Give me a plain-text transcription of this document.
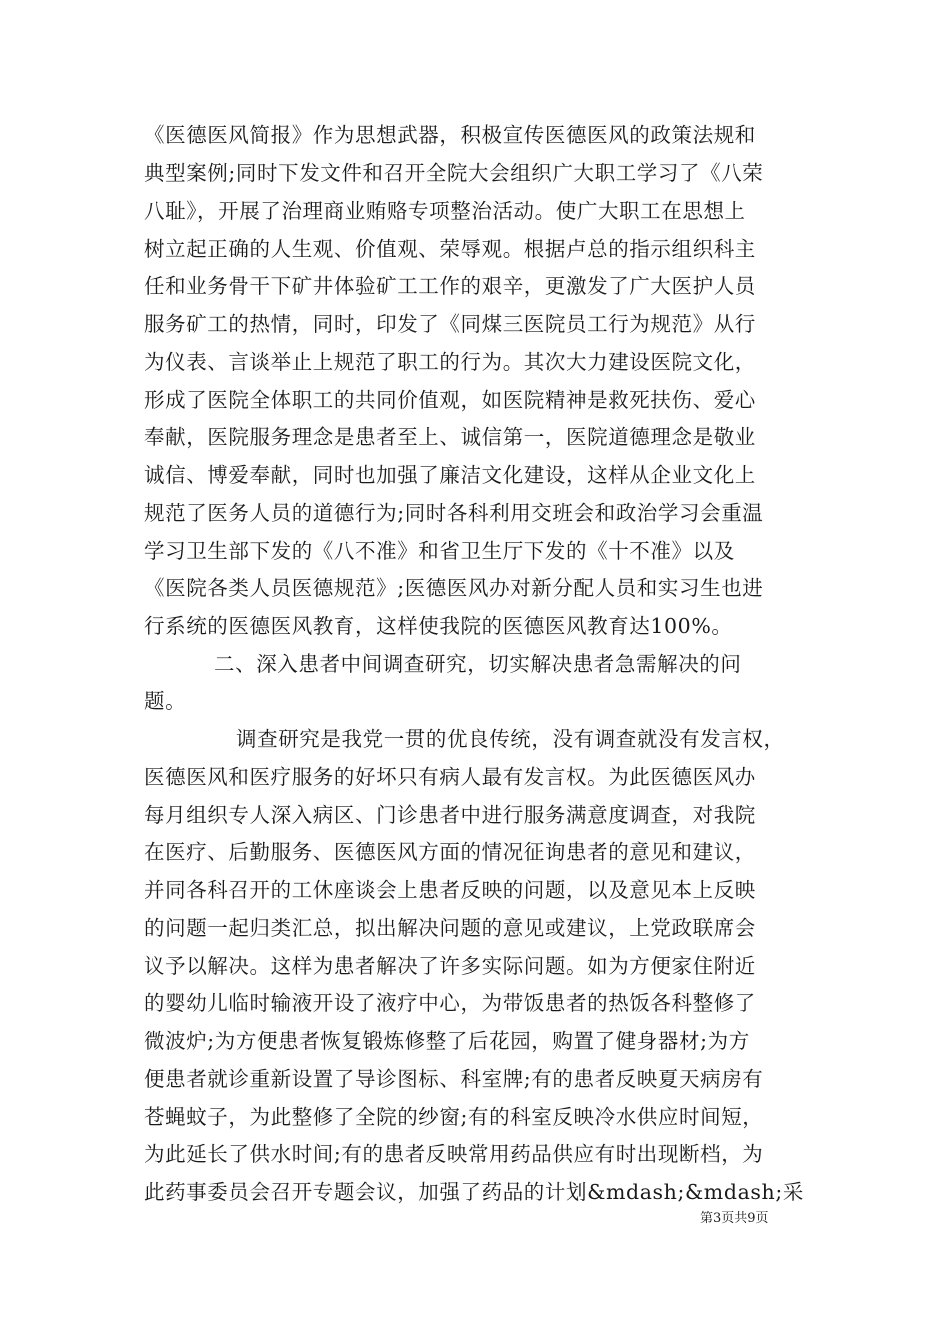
《医德医风简报》作为思想武器，积极宣传医德医风的政策法规和
典型案例;同时下发文件和召开全院大会组织广大职工学习了《八荣
八耻》，开展了治理商业贿赂专项整治活动。使广大职工在思想上
树立起正确的人生观、价值观、荣辱观。根据卢总的指示组织科主
任和业务骨干下矿井体验矿工工作的艰辛，更激发了广大医护人员
服务矿工的热情，同时，印发了《同煤三医院员工行为规范》从行
为仪表、言谈举止上规范了职工的行为。其次大力建设医院文化，
形成了医院全体职工的共同价值观，如医院精神是救死扶伤、爱心
奉献，医院服务理念是患者至上、诚信第一，医院道德理念是敬业
诚信、博爱奉献，同时也加强了廉洁文化建设，这样从企业文化上
规范了医务人员的道德行为;同时各科利用交班会和政治学习会重温
学习卫生部下发的《八不准》和省卫生厅下发的《十不准》以及
《医院各类人员医德规范》;医德医风办对新分配人员和实习生也进
行系统的医德医风教育，这样使我院的医德医风教育达100%。
二、深入患者中间调查研究，切实解决患者急需解决的问
题。
调查研究是我党一贯的优良传统，没有调查就没有发言权，
医德医风和医疗服务的好坏只有病人最有发言权。为此医德医风办
每月组织专人深入病区、门诊患者中进行服务满意度调查，对我院
在医疗、后勤服务、医德医风方面的情况征询患者的意见和建议，
并同各科召开的工休座谈会上患者反映的问题，以及意见本上反映
的问题一起归类汇总，拟出解决问题的意见或建议，上党政联席会
议予以解决。这样为患者解决了许多实际问题。如为方便家住附近
的婴幼儿临时输液开设了液疗中心，为带饭患者的热饭各科整修了
微波炉;为方便患者恢复锻炼修整了后花园，购置了健身器材;为方
便患者就诊重新设置了导诊图标、科室牌;有的患者反映夏天病房有
苍蝇蚊子，为此整修了全院的纱窗;有的科室反映冷水供应时间短，
为此延长了供水时间;有的患者反映常用药品供应有时出现断档，为
此药事委员会召开专题会议，加强了药品的计划&mdash;&mdash;采
第3页共9页
